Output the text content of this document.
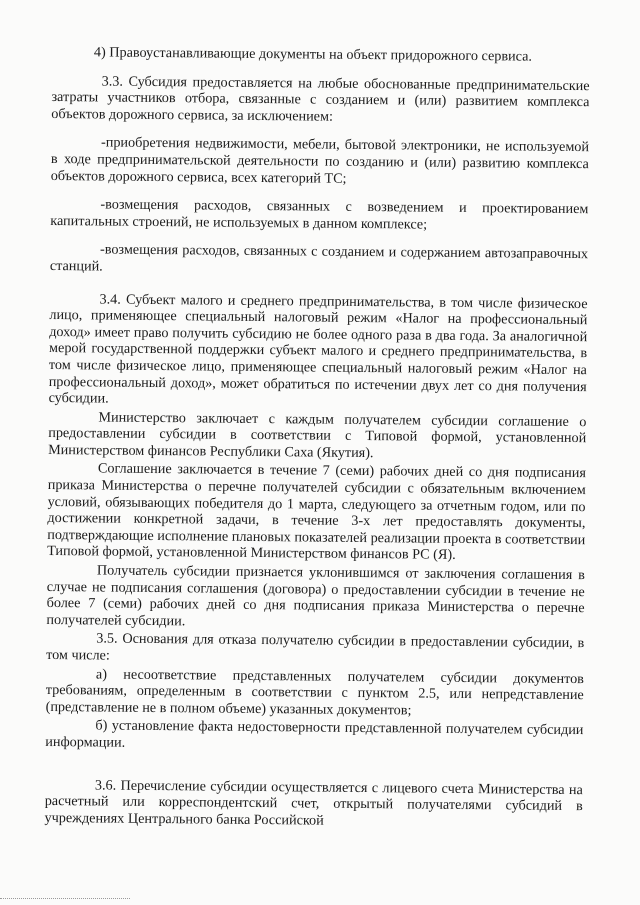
4) Правоустанавливающие документы на объект придорожного сервиса.

3.3. Субсидия предоставляется на любые обоснованные предпринимательские затраты участников отбора, связанные с созданием и (или) развитием комплекса объектов дорожного сервиса, за исключением:

-приобретения недвижимости, мебели, бытовой электроники, не используемой в ходе предпринимательской деятельности по созданию и (или) развитию комплекса объектов дорожного сервиса, всех категорий ТС;

-возмещения расходов, связанных с возведением и проектированием капитальных строений, не используемых в данном комплексе;

-возмещения расходов, связанных с созданием и содержанием автозаправочных станций.

3.4. Субъект малого и среднего предпринимательства, в том числе физическое лицо, применяющее специальный налоговый режим «Налог на профессиональный доход» имеет право получить субсидию не более одного раза в два года. За аналогичной мерой государственной поддержки субъект малого и среднего предпринимательства, в том числе физическое лицо, применяющее специальный налоговый режим «Налог на профессиональный доход», может обратиться по истечении двух лет со дня получения субсидии.

Министерство заключает с каждым получателем субсидии соглашение о предоставлении субсидии в соответствии с Типовой формой, установленной Министерством финансов Республики Саха (Якутия).

Соглашение заключается в течение 7 (семи) рабочих дней со дня подписания приказа Министерства о перечне получателей субсидии с обязательным включением условий, обязывающих победителя до 1 марта, следующего за отчетным годом, или по достижении конкретной задачи, в течение 3-х лет предоставлять документы, подтверждающие исполнение плановых показателей реализации проекта в соответствии Типовой формой, установленной Министерством финансов РС (Я).

Получатель субсидии признается уклонившимся от заключения соглашения в случае не подписания соглашения (договора) о предоставлении субсидии в течение не более 7 (семи) рабочих дней со дня подписания приказа Министерства о перечне получателей субсидии.

3.5. Основания для отказа получателю субсидии в предоставлении субсидии, в том числе:

а) несоответствие представленных получателем субсидии документов требованиям, определенным в соответствии с пунктом 2.5, или непредставление (представление не в полном объеме) указанных документов;

б) установление факта недостоверности представленной получателем субсидии информации.

3.6. Перечисление субсидии осуществляется с лицевого счета Министерства на расчетный или корреспондентский счет, открытый получателями субсидий в учреждениях Центрального банка Российской
